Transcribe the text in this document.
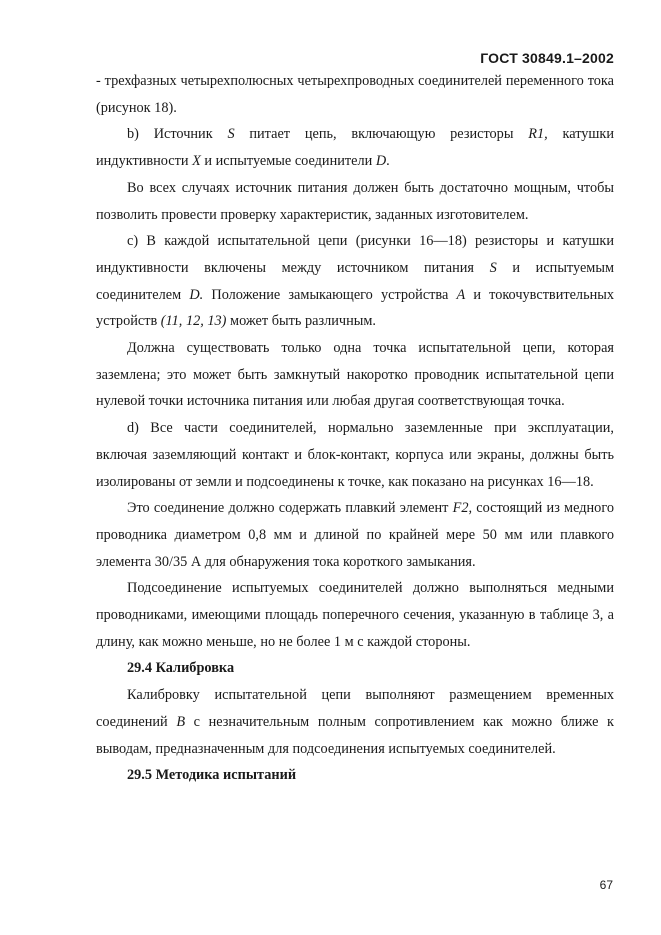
ГОСТ 30849.1–2002

- трехфазных четырехполюсных четырехпроводных соединителей переменного тока (рисунок 18).

b) Источник S питает цепь, включающую резисторы R1, катушки индуктивности X и испытуемые соединители D.

Во всех случаях источник питания должен быть достаточно мощным, чтобы позволить провести проверку характеристик, заданных изготовителем.

c) В каждой испытательной цепи (рисунки 16—18) резисторы и катушки индуктивности включены между источником питания S и испытуемым соединителем D. Положение замыкающего устройства A и токочувствительных устройств (11, 12, 13) может быть различным.

Должна существовать только одна точка испытательной цепи, которая заземлена; это может быть замкнутый накоротко проводник испытательной цепи нулевой точки источника питания или любая другая соответствующая точка.

d) Все части соединителей, нормально заземленные при эксплуатации, включая заземляющий контакт и блок-контакт, корпуса или экраны, должны быть изолированы от земли и подсоединены к точке, как показано на рисунках 16—18.

Это соединение должно содержать плавкий элемент F2, состоящий из медного проводника диаметром 0,8 мм и длиной по крайней мере 50 мм или плавкого элемента 30/35 А для обнаружения тока короткого замыкания.

Подсоединение испытуемых соединителей должно выполняться медными проводниками, имеющими площадь поперечного сечения, указанную в таблице 3, а длину, как можно меньше, но не более 1 м с каждой стороны.

29.4 Калибровка

Калибровку испытательной цепи выполняют размещением временных соединений B с незначительным полным сопротивлением как можно ближе к выводам, предназначенным для подсоединения испытуемых соединителей.

29.5 Методика испытаний

67
